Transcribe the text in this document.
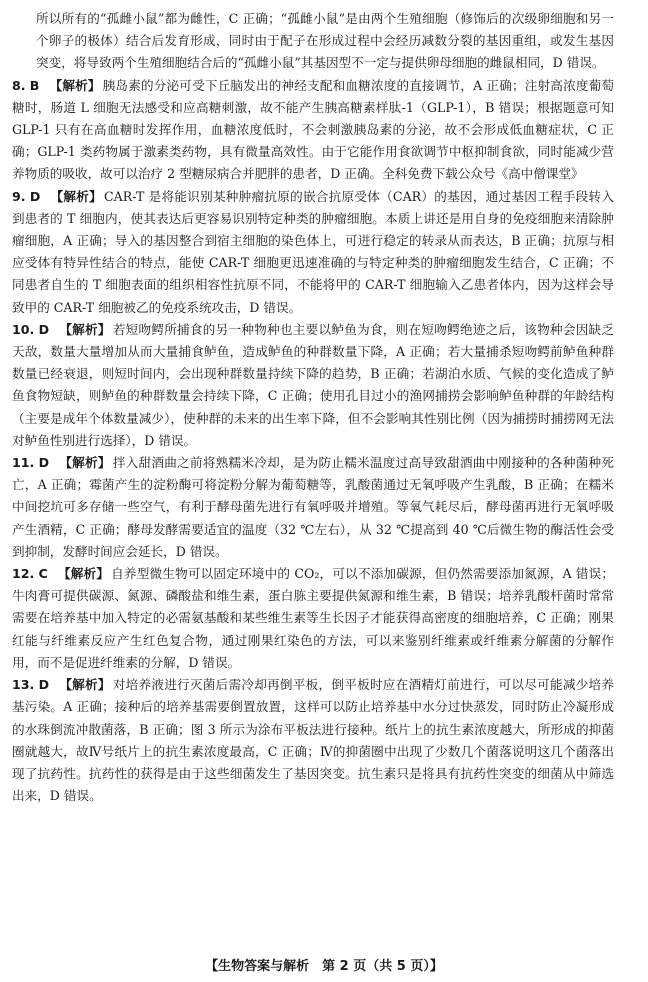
所以所有的“孤雌小鼠”都为雌性，C 正确；“孤雌小鼠”是由两个生殖细胞（修饰后的次级卵细胞和另一个卵子的极体）结合后发育形成，同时由于配子在形成过程中会经历减数分裂的基因重组，或发生基因突变，将导致两个生殖细胞结合后的“孤雌小鼠”其基因型不一定与提供卵母细胞的雌鼠相同，D 错误。

8. B 【解析】 胰岛素的分泌可受下丘脑发出的神经支配和血糖浓度的直接调节，A 正确；注射高浓度葡萄糖时，肠道 L 细胞无法感受和应高糖刺激，故不能产生胰高糖素样肽-1（GLP-1），B 错误；根据题意可知 GLP-1 只有在高血糖时发挥作用，血糖浓度低时，不会刺激胰岛素的分泌，故不会形成低血糖症状，C 正确；GLP-1 类药物属于激素类药物，具有微量高效性。由于它能作用食欲调节中枢抑制食欲，同时能减少营养物质的吸收，故可以治疗 2 型糖尿病合并肥胖的患者，D 正确。全科免费下载公众号《高中僧课堂》

9. D 【解析】 CAR-T 是将能识别某种肿瘤抗原的嵌合抗原受体（CAR）的基因，通过基因工程手段转入到患者的 T 细胞内，使其表达后更容易识别特定种类的肿瘤细胞。本质上讲还是用自身的免疫细胞来清除肿瘤细胞，A 正确；导入的基因整合到宿主细胞的染色体上，可进行稳定的转录从而表达，B 正确；抗原与相应受体有特异性结合的特点，能使 CAR-T 细胞更迅速准确的与特定种类的肿瘤细胞发生结合，C 正确；不同患者自生的 T 细胞表面的组织相容性抗原不同，不能将甲的 CAR-T 细胞输入乙患者体内，因为这样会导致甲的 CAR-T 细胞被乙的免疫系统攻击，D 错误。

10. D 【解析】 若短吻鳄所捕食的另一种物种也主要以鲈鱼为食，则在短吻鳄绝迹之后，该物种会因缺乏天敌，数量大量增加从而大量捕食鲈鱼，造成鲈鱼的种群数量下降，A 正确；若大量捕杀短吻鳄前鲈鱼种群数量已经衰退，则短时间内，会出现种群数量持续下降的趋势，B 正确；若湖泊水质、气候的变化造成了鲈鱼食物短缺，则鲈鱼的种群数量会持续下降，C 正确；使用孔目过小的渔网捕捞会影响鲈鱼种群的年龄结构（主要是成年个体数量减少），使种群的未来的出生率下降，但不会影响其性别比例（因为捕捞时捕捞网无法对鲈鱼性别进行选择），D 错误。

11. D 【解析】 拌入甜酒曲之前将熟糯米冷却，是为防止糯米温度过高导致甜酒曲中刚接种的各种菌种死亡，A 正确；霉菌产生的淀粉酶可将淀粉分解为葡萄糖等，乳酸菌通过无氧呼吸产生乳酸，B 正确；在糯米中间挖坑可多存储一些空气，有利于酵母菌先进行有氧呼吸并增殖。等氧气耗尽后，酵母菌再进行无氧呼吸产生酒精，C 正确；酵母发酵需要适宜的温度（32 ℃左右），从 32 ℃提高到 40 ℃后微生物的酶活性会受到抑制，发酵时间应会延长，D 错误。

12. C 【解析】 自养型微生物可以固定环境中的 CO₂，可以不添加碳源，但仍然需要添加氮源，A 错误；牛肉膏可提供碳源、氮源、磷酸盐和维生素，蛋白胨主要提供氮源和维生素，B 错误；培养乳酸杆菌时常常需要在培养基中加入特定的必需氨基酸和某些维生素等生长因子才能获得高密度的细胞培养，C 正确；刚果红能与纤维素反应产生红色复合物，通过刚果红染色的方法，可以来鉴别纤维素或纤维素分解菌的分解作用，而不是促进纤维素的分解，D 错误。

13. D 【解析】 对培养液进行灭菌后需冷却再倒平板，倒平板时应在酒精灯前进行，可以尽可能减少培养基污染。A 正确；接种后的培养基需要倒置放置，这样可以防止培养基中水分过快蒸发，同时防止冷凝形成的水珠倒流冲散菌落，B 正确；图 3 所示为涂布平板法进行接种。纸片上的抗生素浓度越大，所形成的抑菌圈就越大，故Ⅳ号纸片上的抗生素浓度最高，C 正确；Ⅳ的抑菌圈中出现了少数几个菌落说明这几个菌落出现了抗药性。抗药性的获得是由于这些细菌发生了基因突变。抗生素只是将具有抗药性突变的细菌从中筛选出来，D 错误。

【生物答案与解析　第 2 页（共 5 页）】
